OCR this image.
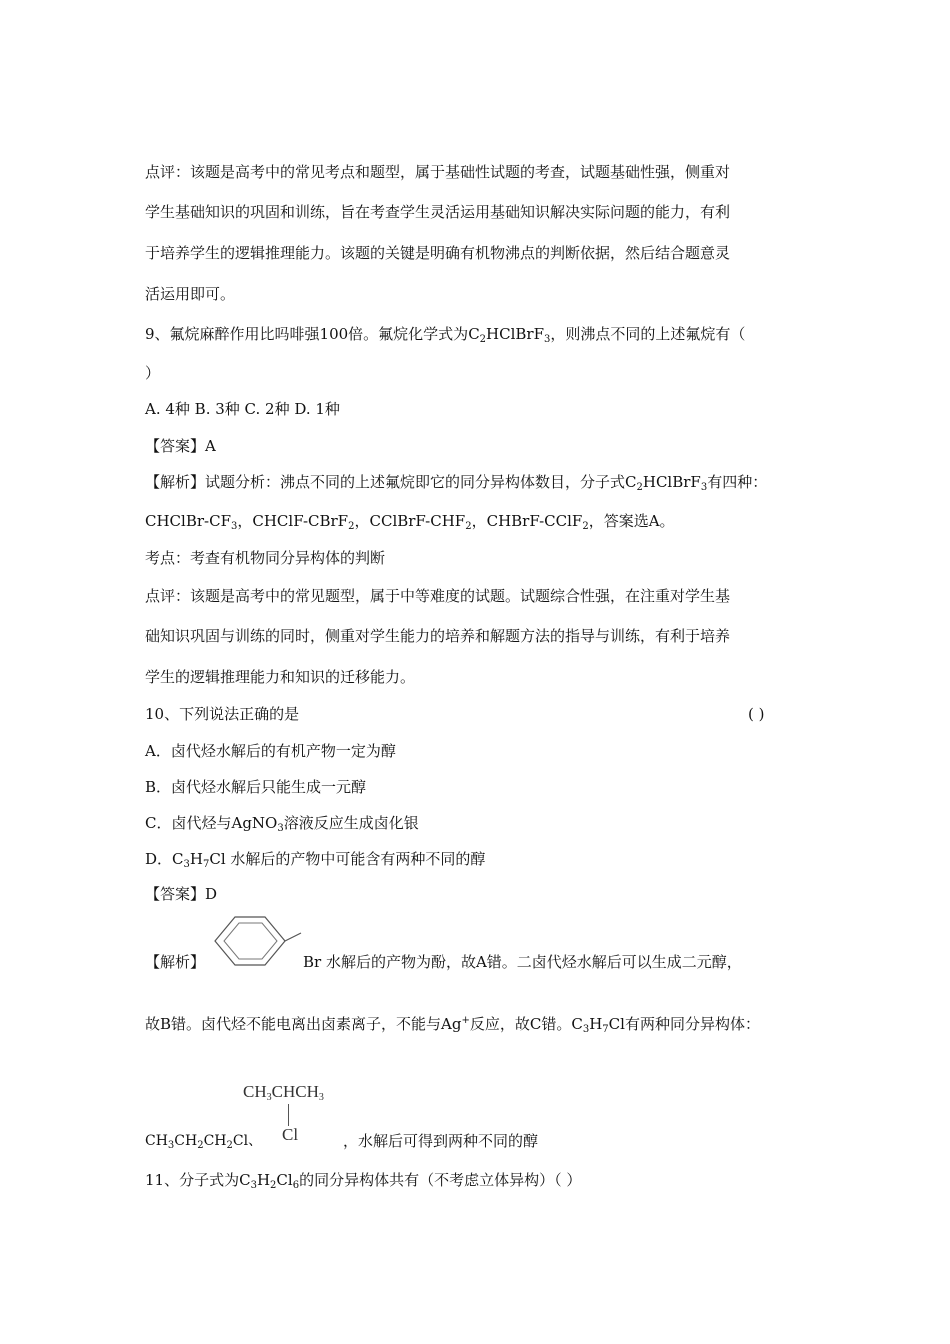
点评：该题是高考中的常见考点和题型，属于基础性试题的考查，试题基础性强，侧重对
学生基础知识的巩固和训练，旨在考查学生灵活运用基础知识解决实际问题的能力，有利
于培养学生的逻辑推理能力。该题的关键是明确有机物沸点的判断依据，然后结合题意灵
活运用即可。
9、氟烷麻醉作用比吗啡强100倍。氟烷化学式为$C_2HClBrF_3$，则沸点不同的上述氟烷有（
）
A. 4种 B. 3种 C. 2种 D. 1种
【答案】A
【解析】试题分析：沸点不同的上述氟烷即它的同分异构体数目，分子式$C_2HClBrF_3$有四种：
CHClBr-$CF_3$，CHClF-CBrF$_2$，CClBrF-$CHF_2$，CHBrF-CClF$_2$，答案选A。
考点：考查有机物同分异构体的判断
点评：该题是高考中的常见题型，属于中等难度的试题。试题综合性强，在注重对学生基
础知识巩固与训练的同时，侧重对学生能力的培养和解题方法的指导与训练，有利于培养
学生的逻辑推理能力和知识的迁移能力。
10、下列说法正确的是	( )
A．卤代烃水解后的有机产物一定为醇
B．卤代烃水解后只能生成一元醇
C．卤代烃与AgNO$_3$溶液反应生成卤化银
D．$C_3H_7Cl$ 水解后的产物中可能含有两种不同的醇
【答案】D
【解析】	Br 水解后的产物为酚，故A错。二卤代烃水解后可以生成二元醇，
故B错。卤代烃不能电离出卤素离子，不能与Ag+反应，故C错。$C_3H_7Cl$有两种同分异构体：
$CH_3CHCH_3$
Cl
$CH_3CH_2CH_2Cl$、	，水解后可得到两种不同的醇
11、分子式为$C_3H_2Cl_6$的同分异构体共有（不考虑立体异构）（ ）
